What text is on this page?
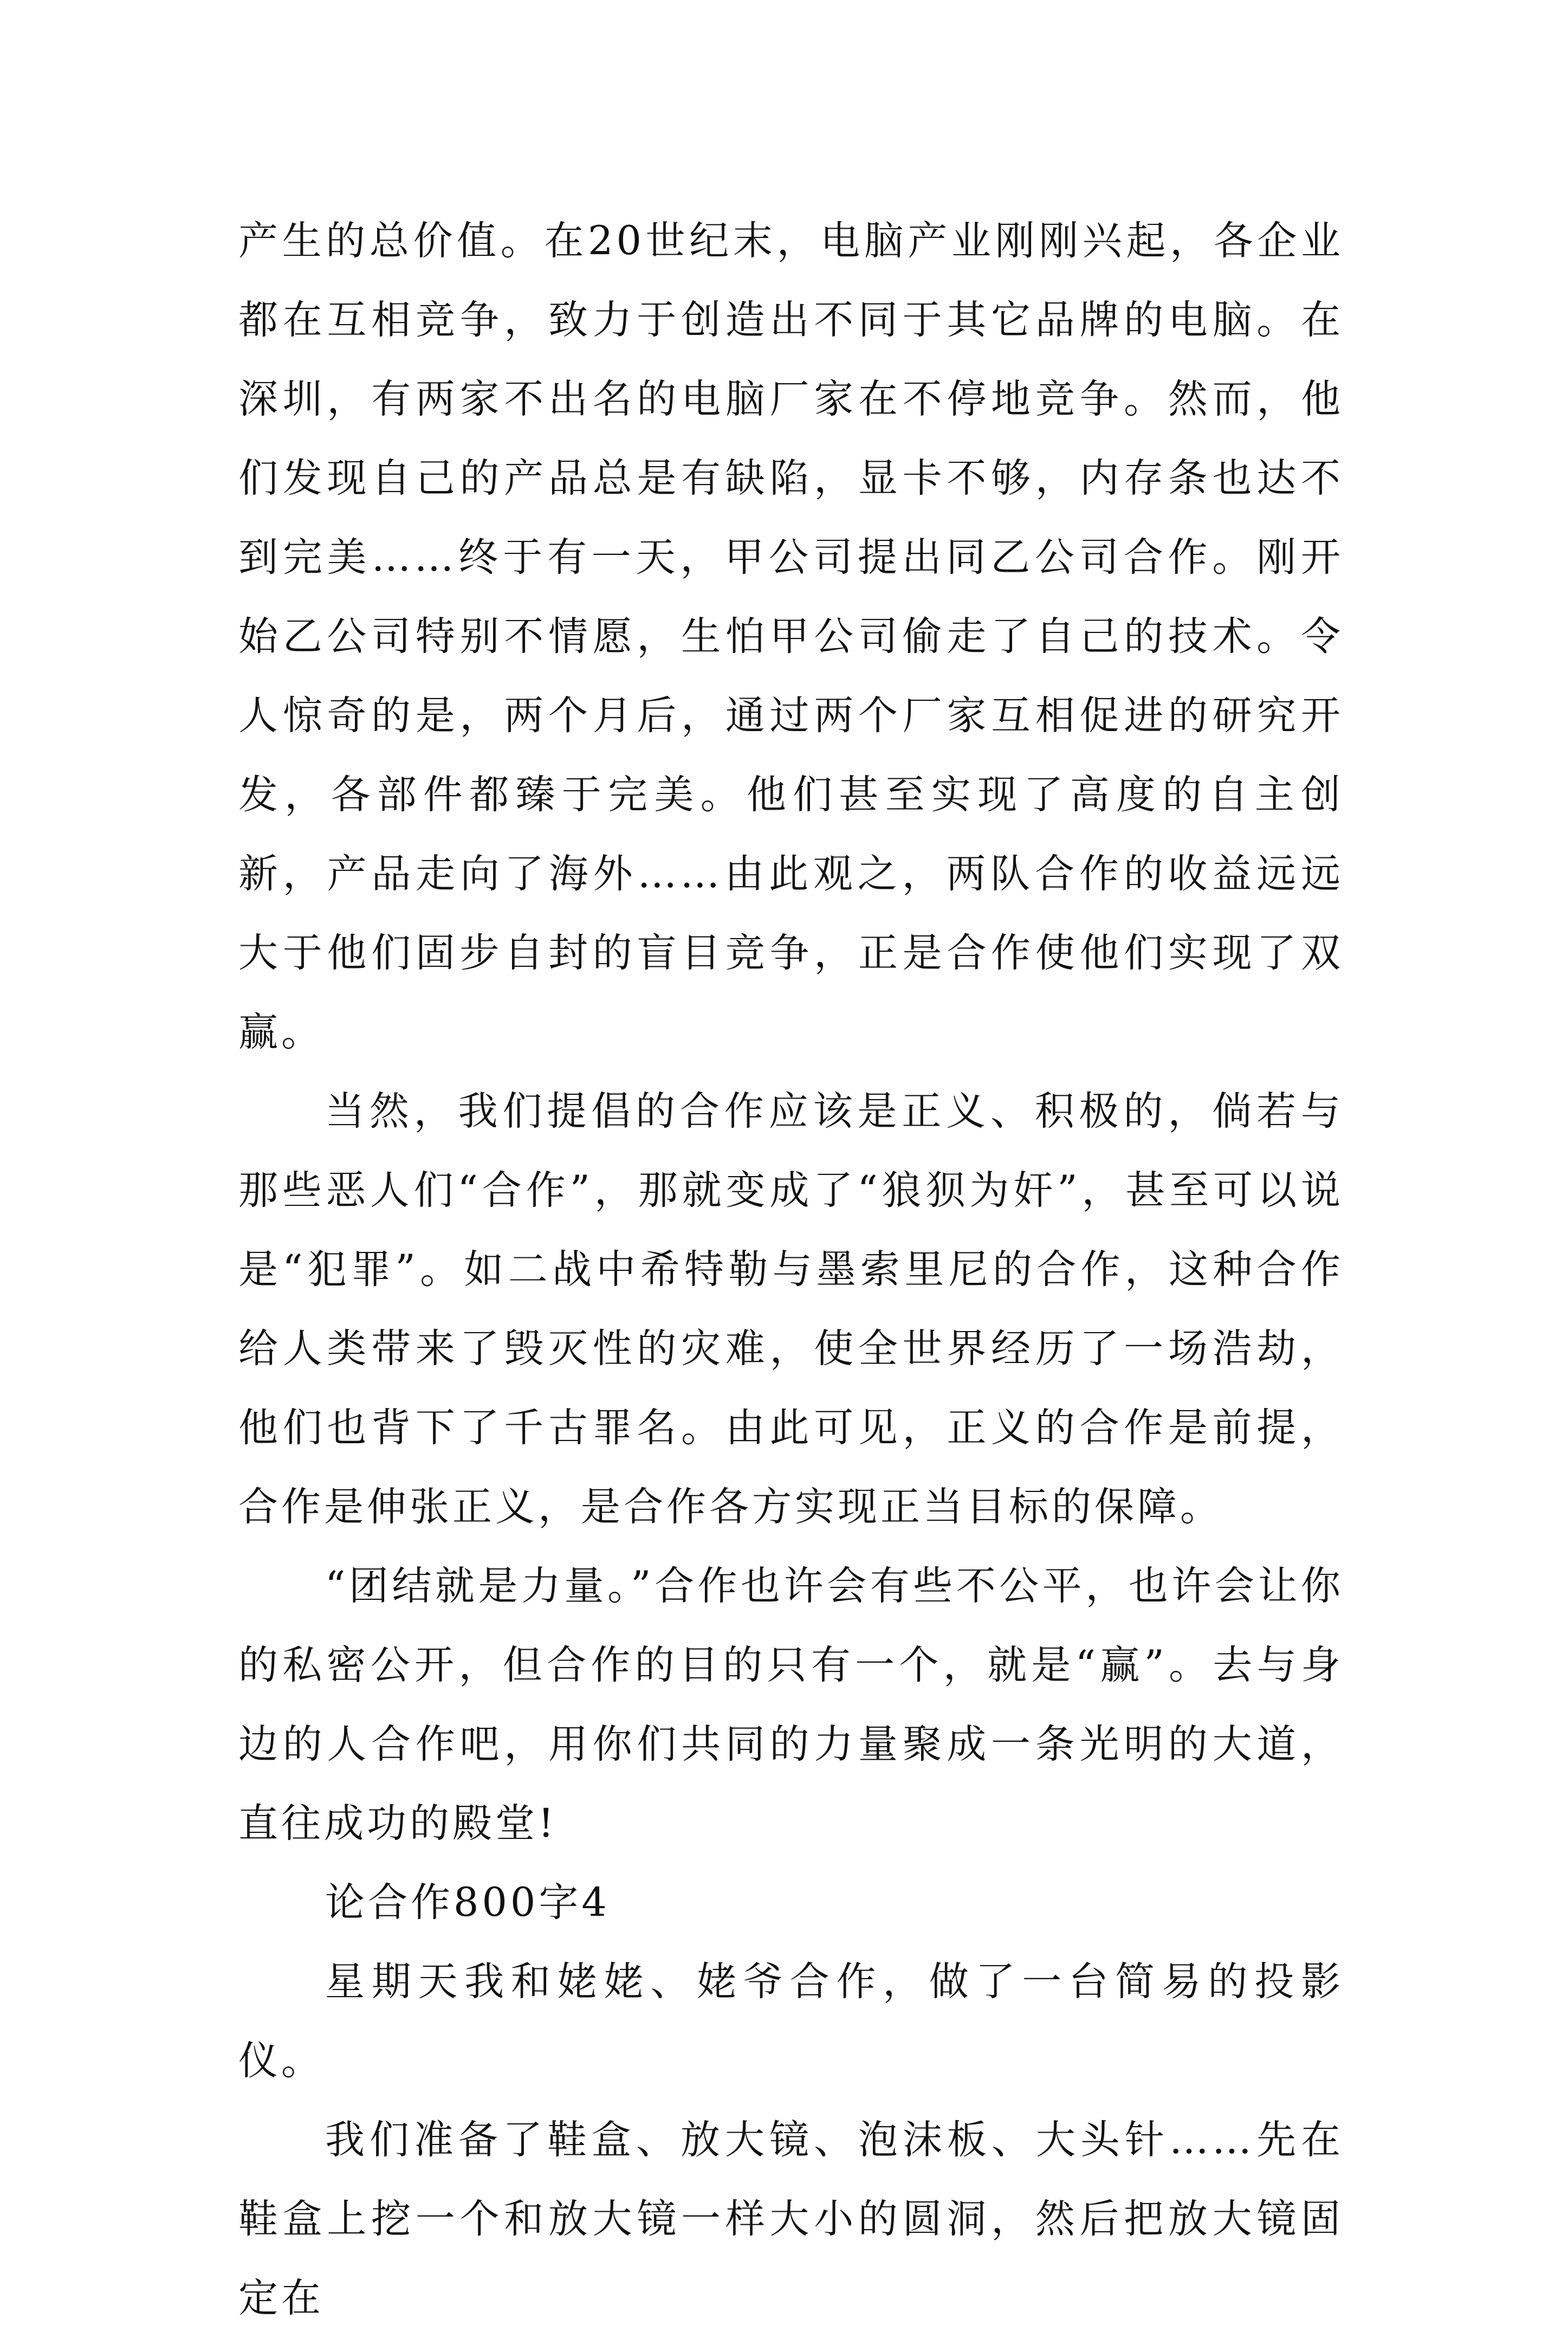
产生的总价值。在20世纪末，电脑产业刚刚兴起，各企业都在互相竞争，致力于创造出不同于其它品牌的电脑。在深圳，有两家不出名的电脑厂家在不停地竞争。然而，他们发现自己的产品总是有缺陷，显卡不够，内存条也达不到完美……终于有一天，甲公司提出同乙公司合作。刚开始乙公司特别不情愿，生怕甲公司偷走了自己的技术。令人惊奇的是，两个月后，通过两个厂家互相促进的研究开发，各部件都臻于完美。他们甚至实现了高度的自主创新，产品走向了海外……由此观之，两队合作的收益远远大于他们固步自封的盲目竞争，正是合作使他们实现了双赢。

当然，我们提倡的合作应该是正义、积极的，倘若与那些恶人们“合作”，那就变成了“狼狈为奸”，甚至可以说是“犯罪”。如二战中希特勒与墨索里尼的合作，这种合作给人类带来了毁灭性的灾难，使全世界经历了一场浩劫，他们也背下了千古罪名。由此可见，正义的合作是前提，合作是伸张正义，是合作各方实现正当目标的保障。

“团结就是力量。”合作也许会有些不公平，也许会让你的私密公开，但合作的目的只有一个，就是“赢”。去与身边的人合作吧，用你们共同的力量聚成一条光明的大道，直往成功的殿堂!

论合作800字4

星期天我和姥姥、姥爷合作，做了一台简易的投影仪。

我们准备了鞋盒、放大镜、泡沫板、大头针……先在鞋盒上挖一个和放大镜一样大小的圆洞，然后把放大镜固定在
